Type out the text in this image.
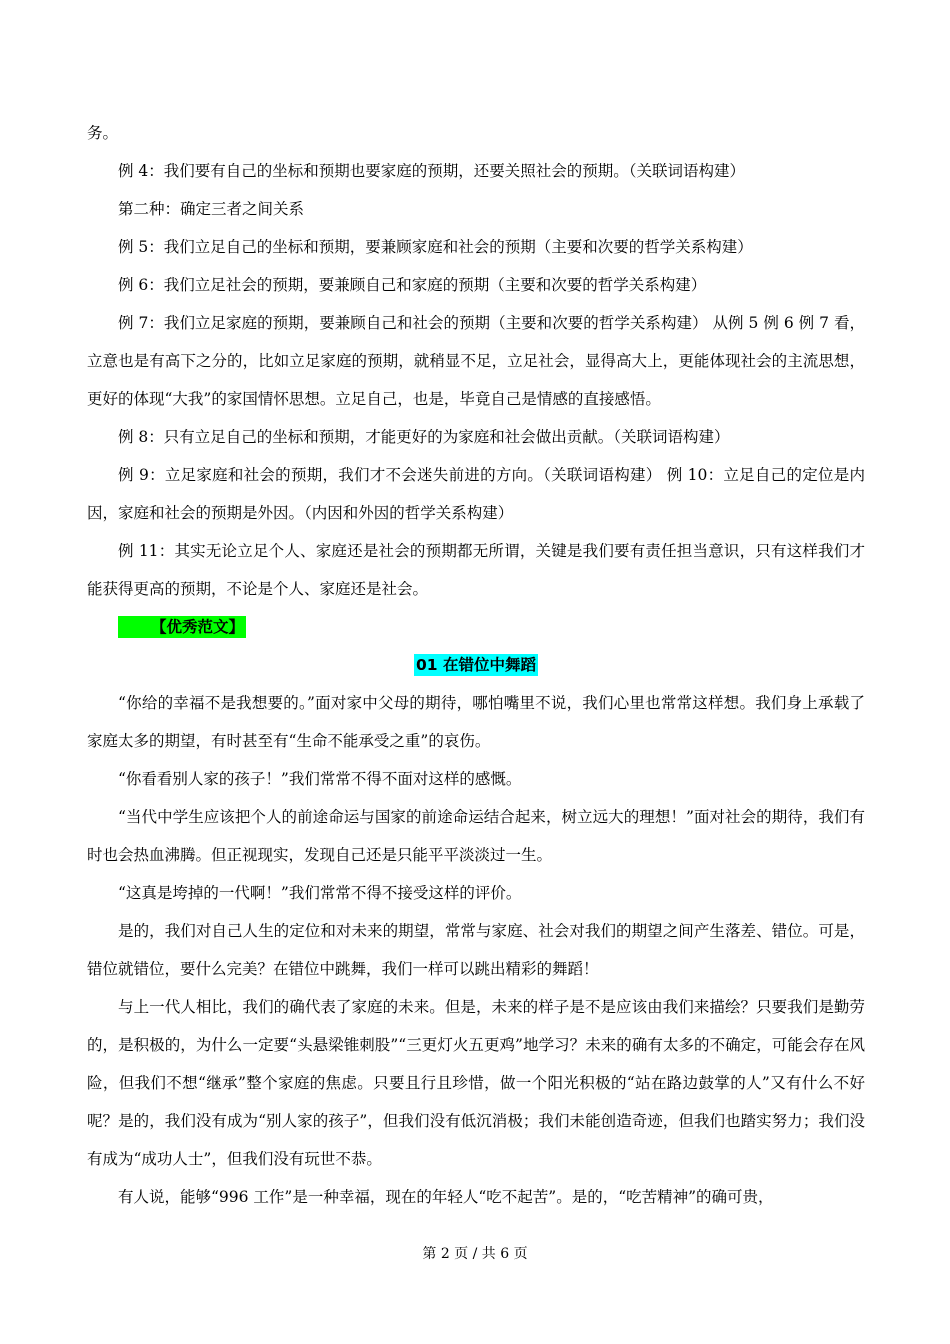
务。

例 4：我们要有自己的坐标和预期也要家庭的预期，还要关照社会的预期。（关联词语构建）

第二种：确定三者之间关系

例 5：我们立足自己的坐标和预期，要兼顾家庭和社会的预期（主要和次要的哲学关系构建）

例 6：我们立足社会的预期，要兼顾自己和家庭的预期（主要和次要的哲学关系构建）

例 7：我们立足家庭的预期，要兼顾自己和社会的预期（主要和次要的哲学关系构建） 从例 5 例 6 例 7 看，立意也是有高下之分的，比如立足家庭的预期，就稍显不足，立足社会，显得高大上，更能体现社会的主流思想，更好的体现“大我”的家国情怀思想。立足自己，也是，毕竟自己是情感的直接感悟。

例 8：只有立足自己的坐标和预期，才能更好的为家庭和社会做出贡献。（关联词语构建）

例 9：立足家庭和社会的预期，我们才不会迷失前进的方向。（关联词语构建） 例 10：立足自己的定位是内因，家庭和社会的预期是外因。（内因和外因的哲学关系构建）

例 11：其实无论立足个人、家庭还是社会的预期都无所谓，关键是我们要有责任担当意识，只有这样我们才能获得更高的预期，不论是个人、家庭还是社会。

【优秀范文】

01 在错位中舞蹈

“你给的幸福不是我想要的。”面对家中父母的期待，哪怕嘴里不说，我们心里也常常这样想。我们身上承载了家庭太多的期望，有时甚至有“生命不能承受之重”的哀伤。

“你看看别人家的孩子！”我们常常不得不面对这样的感慨。

“当代中学生应该把个人的前途命运与国家的前途命运结合起来，树立远大的理想！”面对社会的期待，我们有时也会热血沸腾。但正视现实，发现自己还是只能平平淡淡过一生。

“这真是垮掉的一代啊！”我们常常不得不接受这样的评价。

是的，我们对自己人生的定位和对未来的期望，常常与家庭、社会对我们的期望之间产生落差、错位。可是，错位就错位，要什么完美？在错位中跳舞，我们一样可以跳出精彩的舞蹈！

与上一代人相比，我们的确代表了家庭的未来。但是，未来的样子是不是应该由我们来描绘？只要我们是勤劳的，是积极的，为什么一定要“头悬梁锥刺股”“三更灯火五更鸡”地学习？未来的确有太多的不确定，可能会存在风险，但我们不想“继承”整个家庭的焦虑。只要且行且珍惜，做一个阳光积极的“站在路边鼓掌的人”又有什么不好呢？是的，我们没有成为“别人家的孩子”，但我们没有低沉消极；我们未能创造奇迹，但我们也踏实努力；我们没有成为“成功人士”，但我们没有玩世不恭。

有人说，能够“996 工作”是一种幸福，现在的年轻人“吃不起苦”。是的，“吃苦精神”的确可贵，

第 2 页 / 共 6 页
